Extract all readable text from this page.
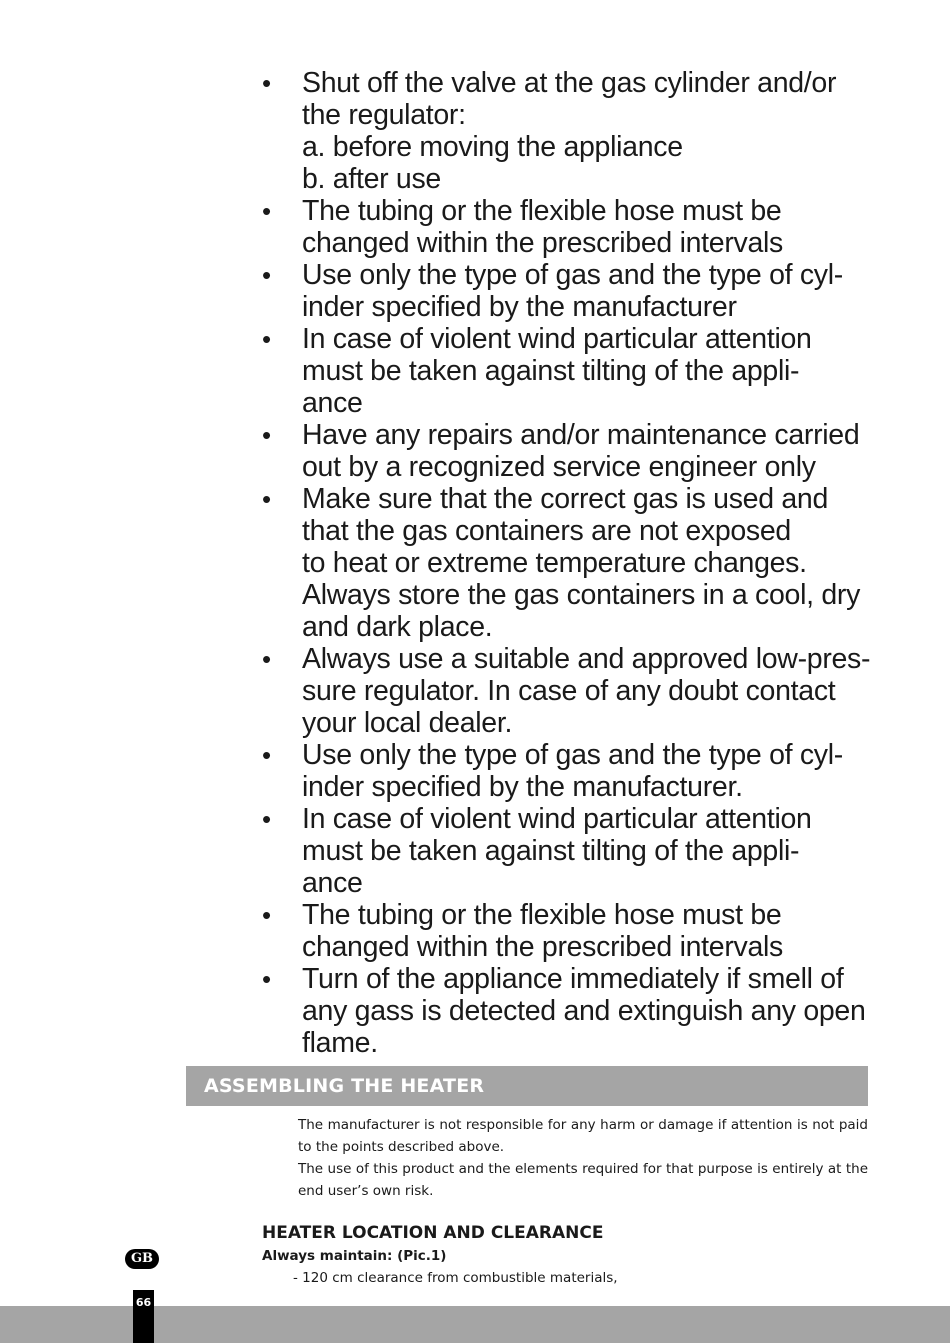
•	Shut off the valve at the gas cylinder and/or
the regulator:
a. before moving the appliance
b. after use
•	The tubing or the flexible hose must be
changed within the prescribed intervals
•	Use only the type of gas and the type of cyl-
inder specified by the manufacturer
•	In case of violent wind particular attention
must be taken against tilting of the appli-
ance
•	Have any repairs and/or maintenance carried
out by a recognized service engineer only
•	Make sure that the correct gas is used and
that the gas containers are not exposed
to heat or extreme temperature changes.
Always store the gas containers in a cool, dry
and dark place.
•	Always use a suitable and approved low-pres-
sure regulator. In case of any doubt contact
your local dealer.
•	Use only the type of gas and the type of cyl-
inder specified by the manufacturer.
•	In case of violent wind particular attention
must be taken against tilting of the appli-
ance
•	The tubing or the flexible hose must be
changed within the prescribed intervals
•	Turn of the appliance immediately if smell of
any gass is detected and extinguish any open
flame.
ASSEMBLING THE HEATER

The manufacturer is not responsible for any harm or damage if attention is not paid to the points described above.

The use of this product and the elements required for that purpose is entirely at the end user’s own risk.

HEATER LOCATION AND CLEARANCE
Always maintain: (Pic.1)
- 120 cm clearance from combustible materials,
GB
66
